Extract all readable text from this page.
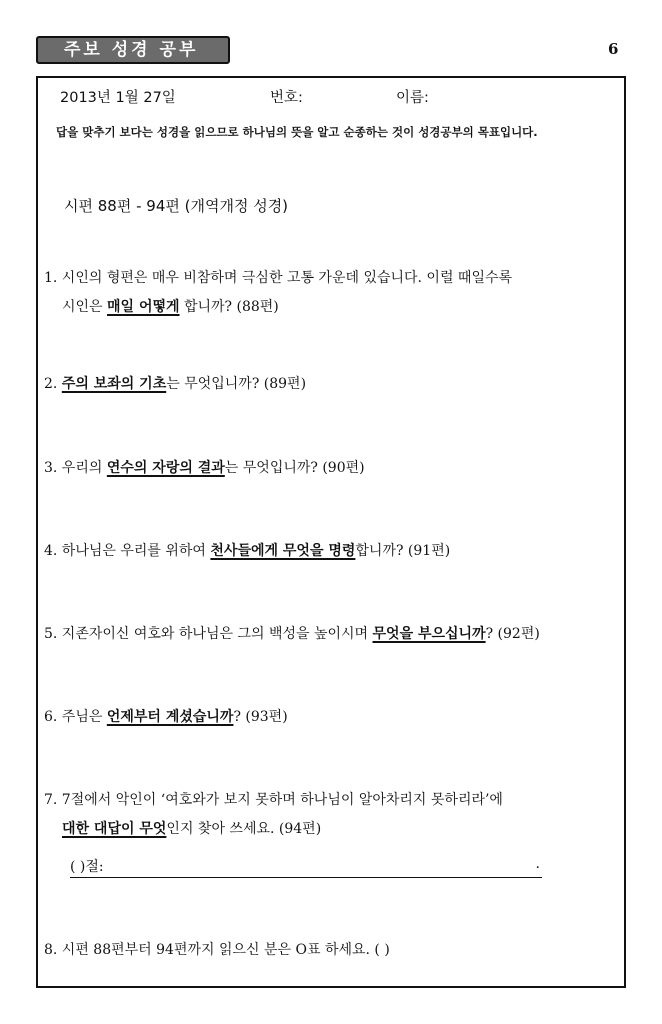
주보 성경 공부	6
2013년 1월 27일	번호:	이름:
답을 맞추기 보다는 성경을 읽으므로 하나님의 뜻을 알고 순종하는 것이 성경공부의 목표입니다.
시편 88편 - 94편 (개역개정 성경)
1. 시인의 형편은 매우 비참하며 극심한 고통 가운데 있습니다. 이럴 때일수록
시인은 매일 어떻게 합니까? (88편)
2. 주의 보좌의 기초는 무엇입니까? (89편)
3. 우리의 연수의 자랑의 결과는 무엇입니까? (90편)
4. 하나님은 우리를 위하여 천사들에게 무엇을 명령합니까? (91편)
5. 지존자이신 여호와 하나님은 그의 백성을 높이시며 무엇을 부으십니까? (92편)
6. 주님은 언제부터 계셨습니까? (93편)
7. 7절에서 악인이 ‘여호와가 보지 못하며 하나님이 알아차리지 못하리라’에
대한 대답이 무엇인지 찾아 쓰세요. (94편)
( )절:	.
8. 시편 88편부터 94편까지 읽으신 분은 O표 하세요. ( )
